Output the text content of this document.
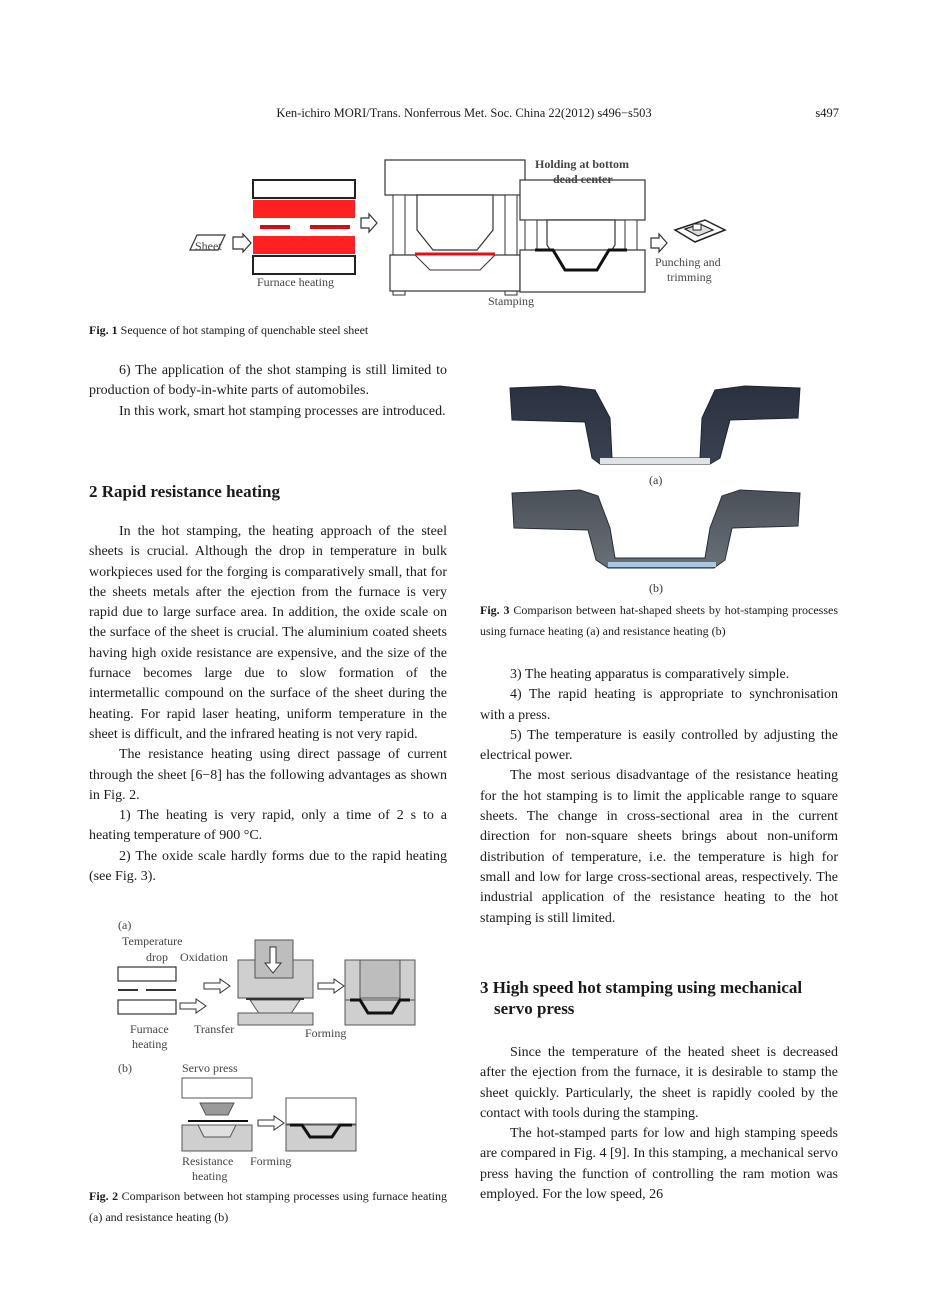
Ken-ichiro MORI/Trans. Nonferrous Met. Soc. China 22(2012) s496−s503	s497
Sheet
Furnace heating
Holding at bottom
dead center
Stamping
Punching and
trimming
Fig. 1 Sequence of hot stamping of quenchable steel sheet

6) The application of the shot stamping is still limited to production of body-in-white parts of automobiles.

In this work, smart hot stamping processes are introduced.

2 Rapid resistance heating

In the hot stamping, the heating approach of the steel sheets is crucial. Although the drop in temperature in bulk workpieces used for the forging is comparatively small, that for the sheets metals after the ejection from the furnace is very rapid due to large surface area. In addition, the oxide scale on the surface of the sheet is crucial. The aluminium coated sheets having high oxide resistance are expensive, and the size of the furnace becomes large due to slow formation of the intermetallic compound on the surface of the sheet during the heating. For rapid laser heating, uniform temperature in the sheet is difficult, and the infrared heating is not very rapid.

The resistance heating using direct passage of current through the sheet [6−8] has the following advantages as shown in Fig. 2.

1) The heating is very rapid, only a time of 2 s to a heating temperature of 900 °C.

2) The oxide scale hardly forms due to the rapid heating (see Fig. 3).

(a)
Temperature
drop Oxidation
Furnace
heating
Transfer	Forming
(b)	Servo press
Resistance
heating
Forming
Fig. 2 Comparison between hot stamping processes using furnace heating (a) and resistance heating (b)
(a)
(b)
Fig. 3 Comparison between hat-shaped sheets by hot-stamping processes using furnace heating (a) and resistance heating (b)

3) The heating apparatus is comparatively simple.

4) The rapid heating is appropriate to synchronisation with a press.

5) The temperature is easily controlled by adjusting the electrical power.

The most serious disadvantage of the resistance heating for the hot stamping is to limit the applicable range to square sheets. The change in cross-sectional area in the current direction for non-square sheets brings about non-uniform distribution of temperature, i.e. the temperature is high for small and low for large cross-sectional areas, respectively. The industrial application of the resistance heating to the hot stamping is still limited.

3 High speed hot stamping using mechanical
servo press

Since the temperature of the heated sheet is decreased after the ejection from the furnace, it is desirable to stamp the sheet quickly. Particularly, the sheet is rapidly cooled by the contact with tools during the stamping.

The hot-stamped parts for low and high stamping speeds are compared in Fig. 4 [9]. In this stamping, a mechanical servo press having the function of controlling the ram motion was employed. For the low speed, 26
